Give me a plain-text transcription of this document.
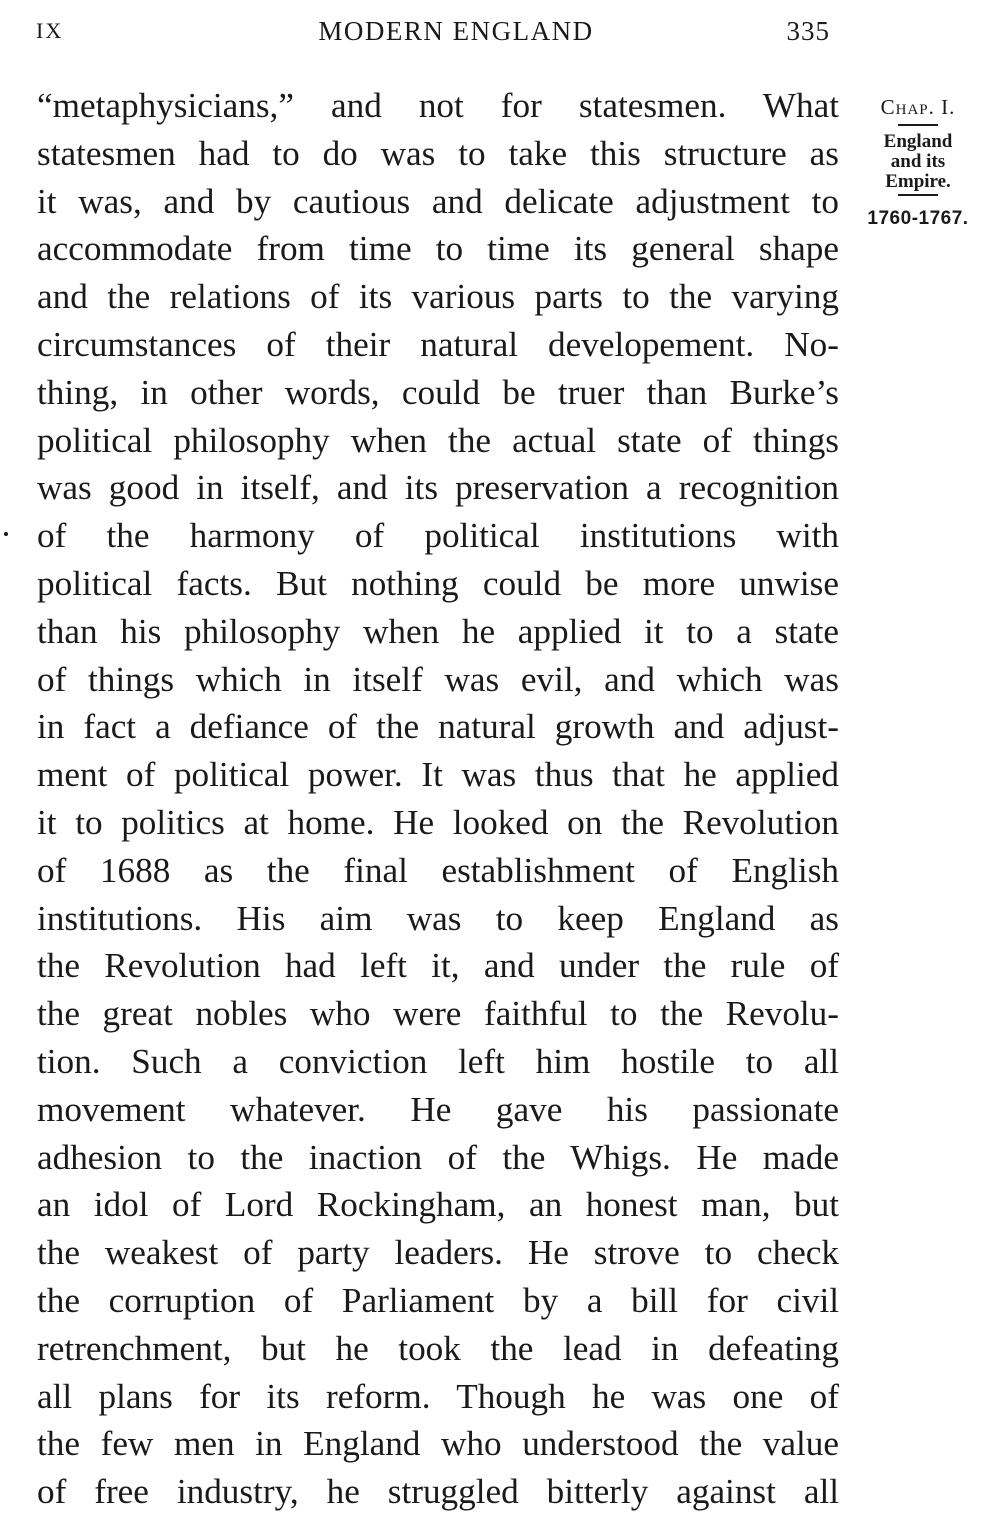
IX	MODERN ENGLAND	335
“metaphysicians,” and not for statesmen. What
statesmen had to do was to take this structure as
it was, and by cautious and delicate adjustment to
accommodate from time to time its general shape
and the relations of its various parts to the varying
circumstances of their natural developement. No-
thing, in other words, could be truer than Burke’s
political philosophy when the actual state of things
was good in itself, and its preservation a recognition
of the harmony of political institutions with
political facts. But nothing could be more unwise
than his philosophy when he applied it to a state
of things which in itself was evil, and which was
in fact a defiance of the natural growth and adjust-
ment of political power. It was thus that he applied
it to politics at home. He looked on the Revolution
of 1688 as the final establishment of English
institutions. His aim was to keep England as
the Revolution had left it, and under the rule of
the great nobles who were faithful to the Revolu-
tion. Such a conviction left him hostile to all
movement whatever. He gave his passionate
adhesion to the inaction of the Whigs. He made
an idol of Lord Rockingham, an honest man, but
the weakest of party leaders. He strove to check
the corruption of Parliament by a bill for civil
retrenchment, but he took the lead in defeating
all plans for its reform. Though he was one of
the few men in England who understood the value
of free industry, he struggled bitterly against all
Chap. I.
England
and its
Empire.
1760-1767.
